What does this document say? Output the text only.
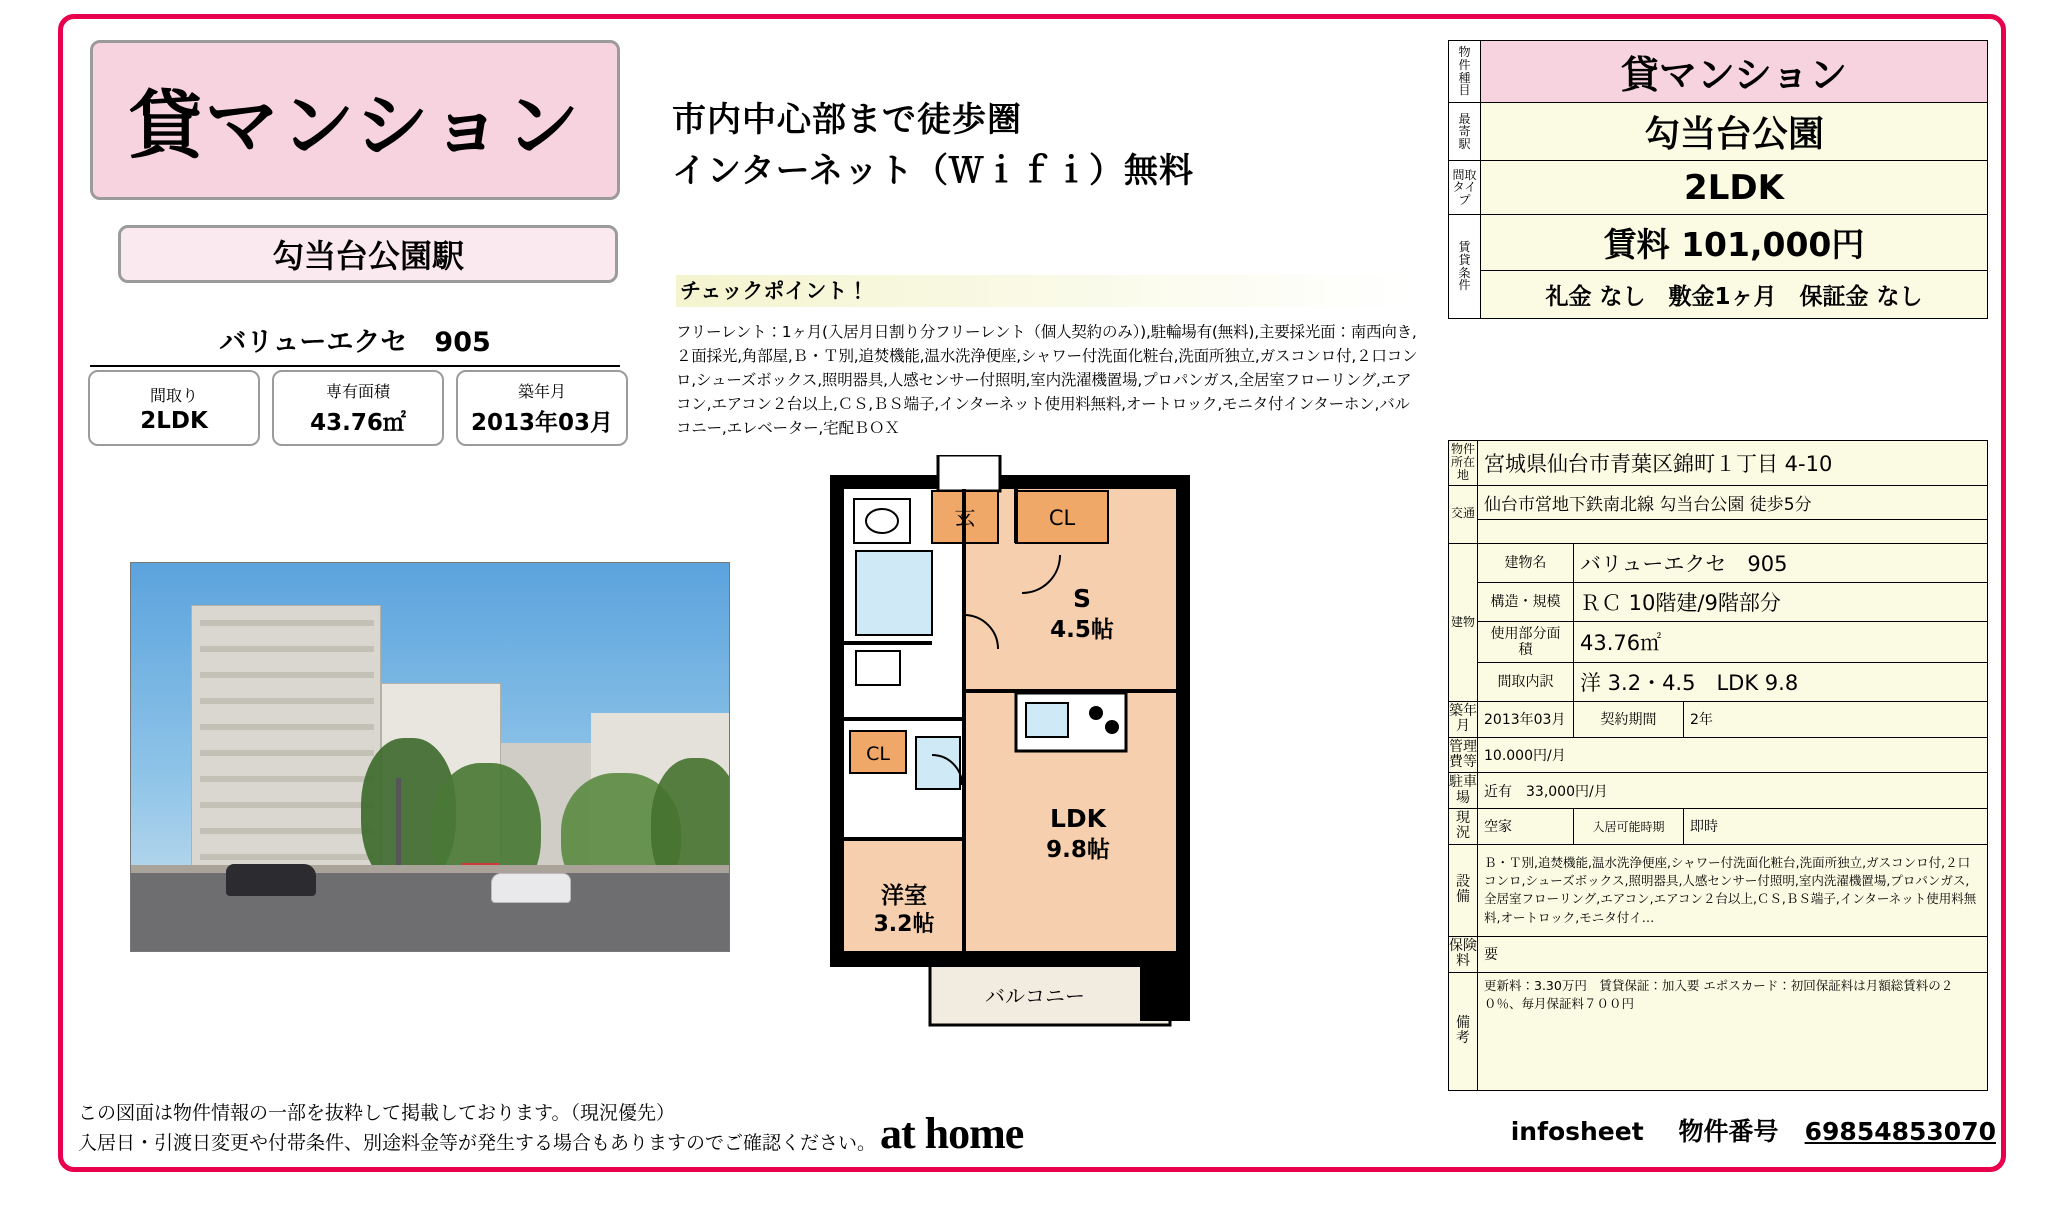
貸マンション
勾当台公園駅
バリューエクセ　905
間取り
2LDK
専有面積
43.76㎡
築年月
2013年03月
市内中心部まで徒歩圏
インターネット（Ｗｉｆｉ）無料
チェックポイント！
フリーレント：1ヶ月(入居月日割り分フリーレント（個人契約のみ）),駐輪場有(無料),主要採光面：南西向き,２面採光,角部屋,Ｂ・Ｔ別,追焚機能,温水洗浄便座,シャワー付洗面化粧台,洗面所独立,ガスコンロ付,２口コンロ,シューズボックス,照明器具,人感センサー付照明,室内洗濯機置場,プロパンガス,全居室フローリング,エアコン,エアコン２台以上,ＣＳ,ＢＳ端子,インターネット使用料無料,オートロック,モニタ付インターホン,バルコニー,エレベーター,宅配ＢＯＸ
物
件
種
目	貸マンション

最
寄
駅	勾当台公園

間取
タイプ	2LDK

賃
貸
条
件	賃料 101,000円
	礼金 なし　敷金1ヶ月　保証金 なし
物件所在地	宮城県仙台市青葉区錦町１丁目 4-10		
交通	仙台市営地下鉄南北線 勾当台公園 徒歩5分		

建物	建物名	バリューエクセ　905	
	構造・規模	ＲＣ 10階建/9階部分	
	使用部分面積	43.76㎡	
	間取内訳	洋 3.2・4.5　LDK 9.8	
築年月	2013年03月	契約期間	2年
管理費等	10.000円/月		
駐車場	近有　33,000円/月		
現　況	空家	入居可能時期	即時
設　備	Ｂ・Ｔ別,追焚機能,温水洗浄便座,シャワー付洗面化粧台,洗面所独立,ガスコンロ付,２口コンロ,シューズボックス,照明器具,人感センサー付照明,室内洗濯機置場,プロパンガス,全居室フローリング,エアコン,エアコン２台以上,ＣＳ,ＢＳ端子,インターネット使用料無料,オートロック,モニタ付イ…		
保険料	要		
備　考	更新料：3.30万円　賃貸保証：加入要 エポスカード：初回保証料は月額総賃料の２０％、毎月保証料７００円		
玄	CL
CL
S
4.5帖
LDK
9.8帖
洋室
3.2帖
バルコニー
この図面は物件情報の一部を抜粋して掲載しております。（現況優先）
入居日・引渡日変更や付帯条件、別途料金等が発生する場合もありますのでご確認ください。 at home	infosheet 物件番号 69854853070
